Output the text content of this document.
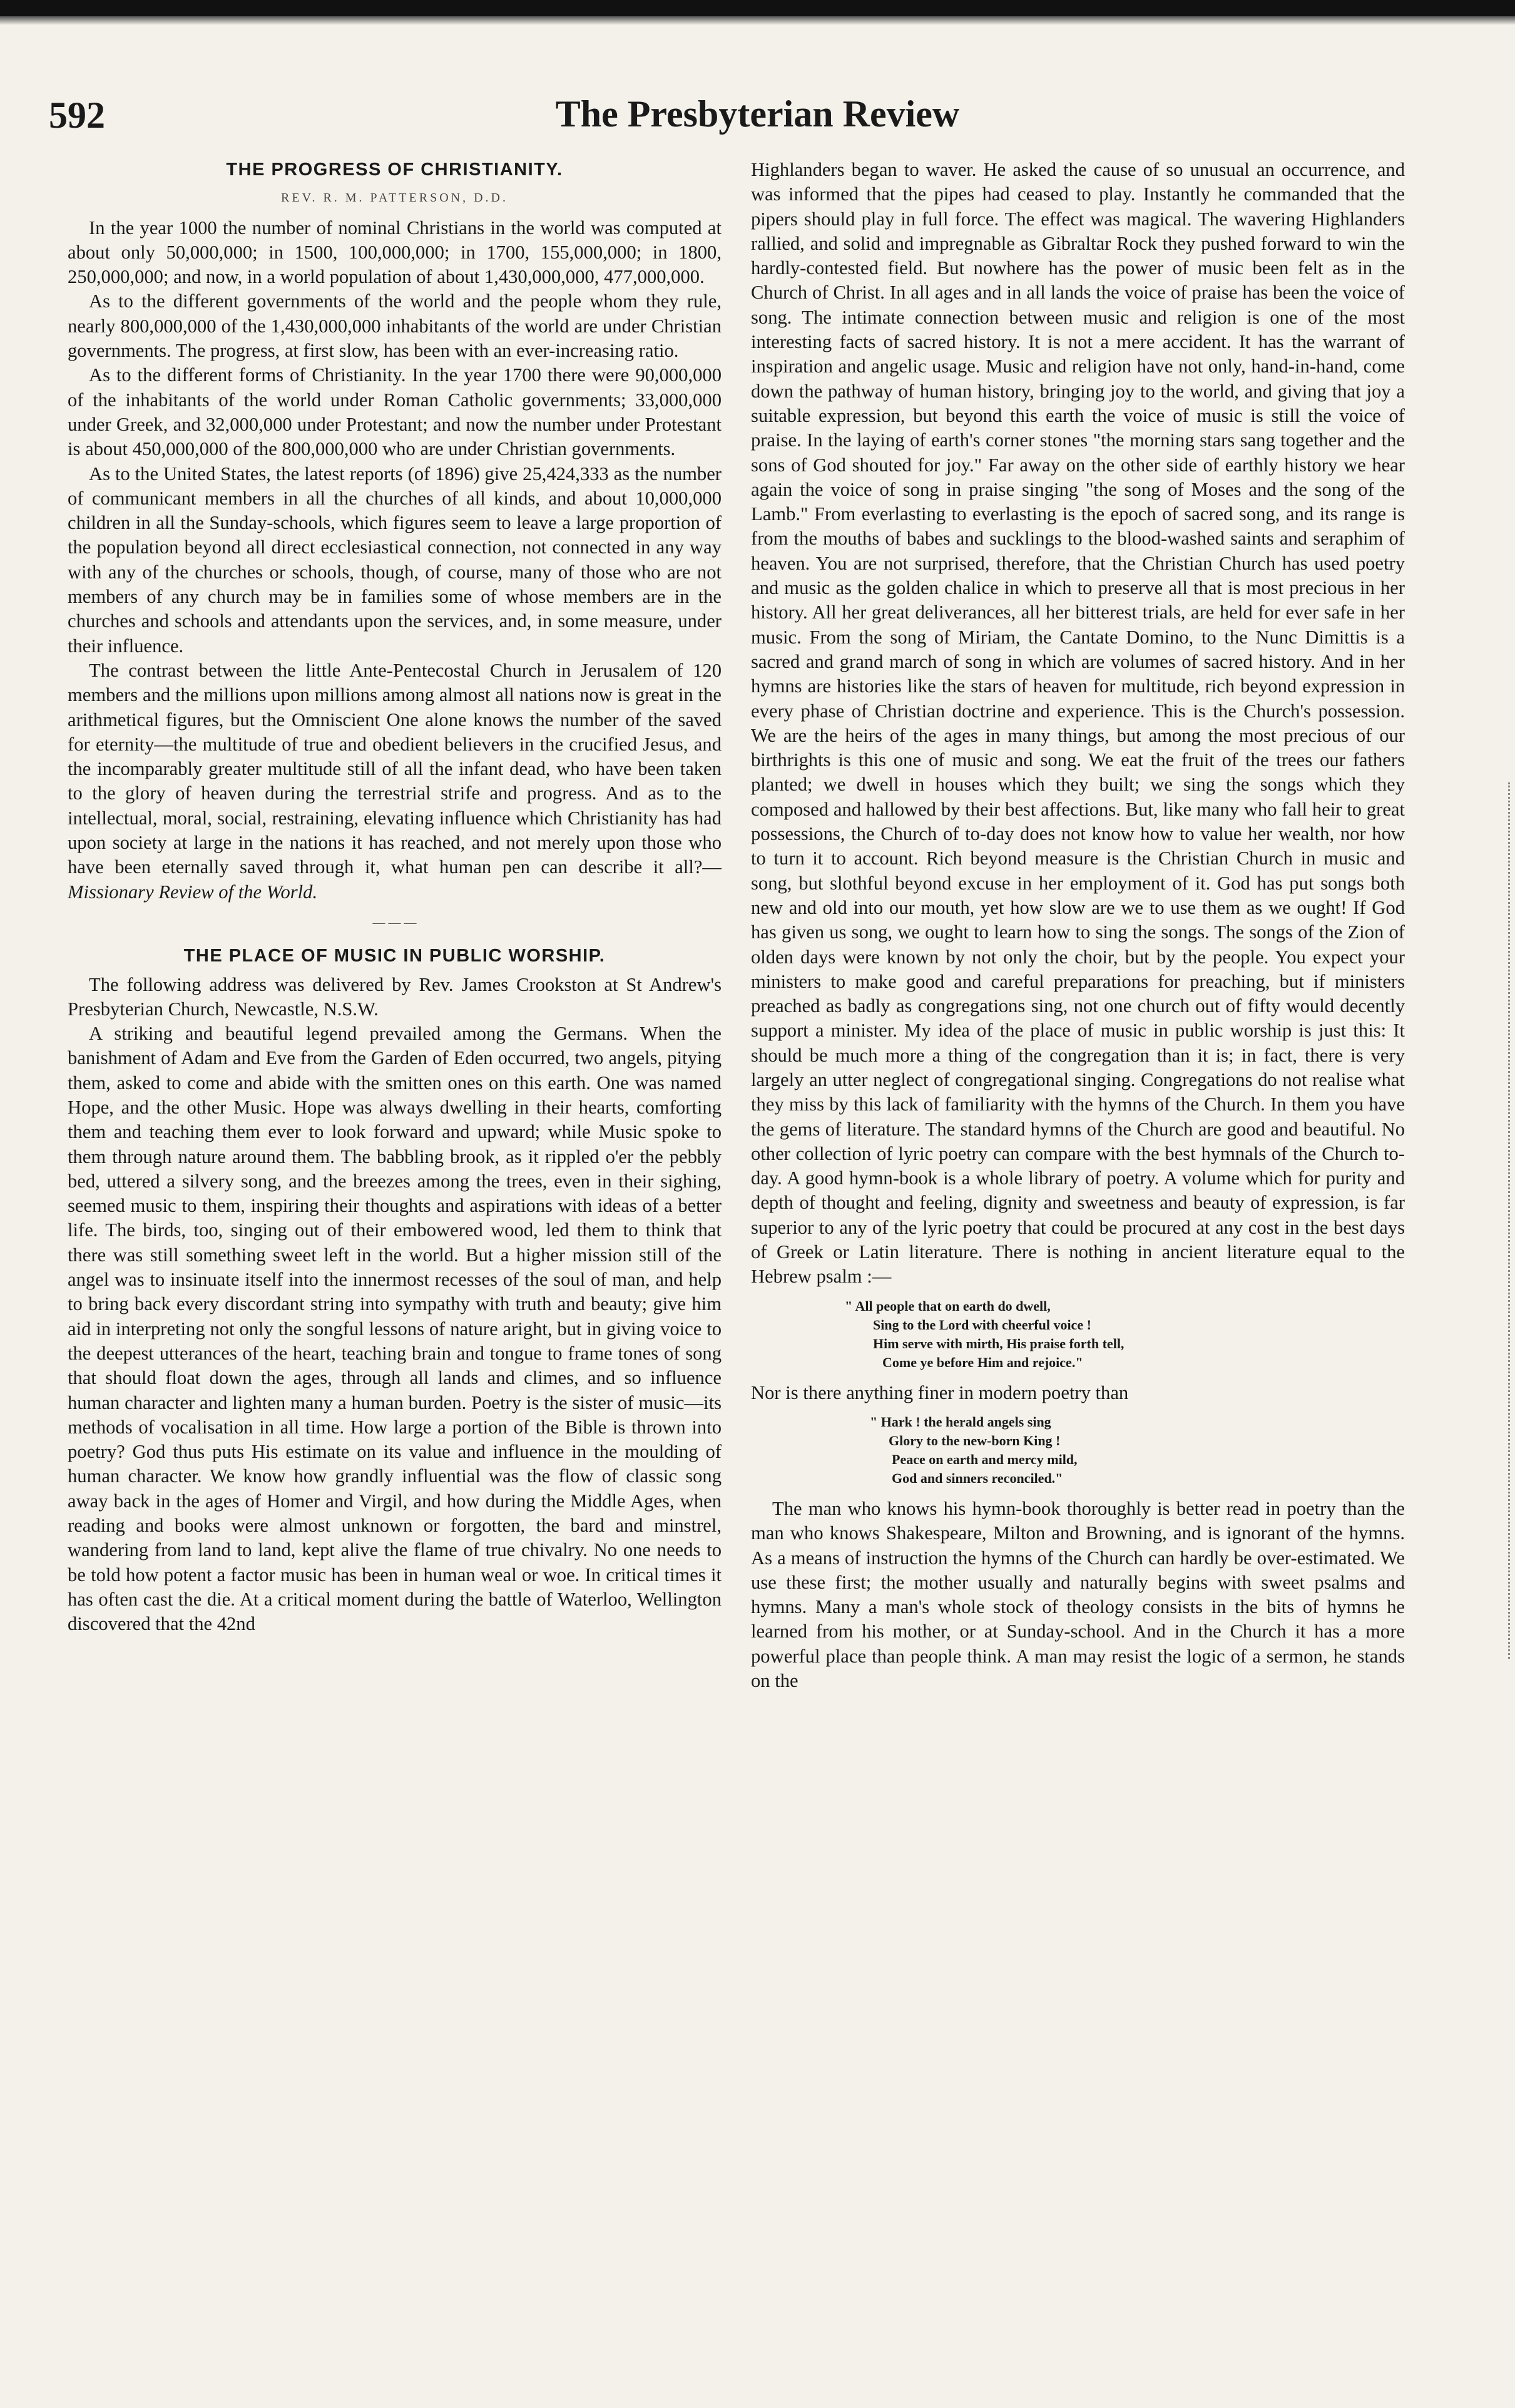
592	The Presbyterian Review
THE PROGRESS OF CHRISTIANITY.
REV. R. M. PATTERSON, D.D.

In the year 1000 the number of nominal Christians in the world was computed at about only 50,000,000; in 1500, 100,000,000; in 1700, 155,000,000; in 1800, 250,000,000; and now, in a world population of about 1,430,000,000, 477,000,000.

As to the different governments of the world and the people whom they rule, nearly 800,000,000 of the 1,430,000,000 inhabitants of the world are under Christian governments. The progress, at first slow, has been with an ever-increasing ratio.

As to the different forms of Christianity. In the year 1700 there were 90,000,000 of the inhabitants of the world under Roman Catholic governments; 33,000,000 under Greek, and 32,000,000 under Protestant; and now the number under Protestant is about 450,000,000 of the 800,000,000 who are under Christian governments.

As to the United States, the latest reports (of 1896) give 25,424,333 as the number of communicant members in all the churches of all kinds, and about 10,000,000 children in all the Sunday-schools, which figures seem to leave a large proportion of the population beyond all direct ecclesiastical connection, not connected in any way with any of the churches or schools, though, of course, many of those who are not members of any church may be in families some of whose members are in the churches and schools and attendants upon the services, and, in some measure, under their influence.

The contrast between the little Ante-Pentecostal Church in Jerusalem of 120 members and the millions upon millions among almost all nations now is great in the arithmetical figures, but the Omniscient One alone knows the number of the saved for eternity—the multitude of true and obedient believers in the crucified Jesus, and the incomparably greater multitude still of all the infant dead, who have been taken to the glory of heaven during the terrestrial strife and progress. And as to the intellectual, moral, social, restraining, elevating influence which Christianity has had upon society at large in the nations it has reached, and not merely upon those who have been eternally saved through it, what human pen can describe it all?—Missionary Review of the World.

— — —
THE PLACE OF MUSIC IN PUBLIC WORSHIP.

The following address was delivered by Rev. James Crookston at St Andrew's Presbyterian Church, Newcastle, N.S.W.

A striking and beautiful legend prevailed among the Germans. When the banishment of Adam and Eve from the Garden of Eden occurred, two angels, pitying them, asked to come and abide with the smitten ones on this earth. One was named Hope, and the other Music. Hope was always dwelling in their hearts, comforting them and teaching them ever to look forward and upward; while Music spoke to them through nature around them. The babbling brook, as it rippled o'er the pebbly bed, uttered a silvery song, and the breezes among the trees, even in their sighing, seemed music to them, inspiring their thoughts and aspirations with ideas of a better life. The birds, too, singing out of their embowered wood, led them to think that there was still something sweet left in the world. But a higher mission still of the angel was to insinuate itself into the innermost recesses of the soul of man, and help to bring back every discordant string into sympathy with truth and beauty; give him aid in interpreting not only the songful lessons of nature aright, but in giving voice to the deepest utterances of the heart, teaching brain and tongue to frame tones of song that should float down the ages, through all lands and climes, and so influence human character and lighten many a human burden. Poetry is the sister of music—its methods of vocalisation in all time. How large a portion of the Bible is thrown into poetry? God thus puts His estimate on its value and influence in the moulding of human character. We know how grandly influential was the flow of classic song away back in the ages of Homer and Virgil, and how during the Middle Ages, when reading and books were almost unknown or forgotten, the bard and minstrel, wandering from land to land, kept alive the flame of true chivalry. No one needs to be told how potent a factor music has been in human weal or woe. In critical times it has often cast the die. At a critical moment during the battle of Waterloo, Wellington discovered that the 42nd

Highlanders began to waver. He asked the cause of so unusual an occurrence, and was informed that the pipes had ceased to play. Instantly he commanded that the pipers should play in full force. The effect was magical. The wavering Highlanders rallied, and solid and impregnable as Gibraltar Rock they pushed forward to win the hardly-contested field. But nowhere has the power of music been felt as in the Church of Christ. In all ages and in all lands the voice of praise has been the voice of song. The intimate connection between music and religion is one of the most interesting facts of sacred history. It is not a mere accident. It has the warrant of inspiration and angelic usage. Music and religion have not only, hand-in-hand, come down the pathway of human history, bringing joy to the world, and giving that joy a suitable expression, but beyond this earth the voice of music is still the voice of praise. In the laying of earth's corner stones "the morning stars sang together and the sons of God shouted for joy." Far away on the other side of earthly history we hear again the voice of song in praise singing "the song of Moses and the song of the Lamb." From everlasting to everlasting is the epoch of sacred song, and its range is from the mouths of babes and sucklings to the blood-washed saints and seraphim of heaven. You are not surprised, therefore, that the Christian Church has used poetry and music as the golden chalice in which to preserve all that is most precious in her history. All her great deliverances, all her bitterest trials, are held for ever safe in her music. From the song of Miriam, the Cantate Domino, to the Nunc Dimittis is a sacred and grand march of song in which are volumes of sacred history. And in her hymns are histories like the stars of heaven for multitude, rich beyond expression in every phase of Christian doctrine and experience. This is the Church's possession. We are the heirs of the ages in many things, but among the most precious of our birthrights is this one of music and song. We eat the fruit of the trees our fathers planted; we dwell in houses which they built; we sing the songs which they composed and hallowed by their best affections. But, like many who fall heir to great possessions, the Church of to-day does not know how to value her wealth, nor how to turn it to account. Rich beyond measure is the Christian Church in music and song, but slothful beyond excuse in her employment of it. God has put songs both new and old into our mouth, yet how slow are we to use them as we ought! If God has given us song, we ought to learn how to sing the songs. The songs of the Zion of olden days were known by not only the choir, but by the people. You expect your ministers to make good and careful preparations for preaching, but if ministers preached as badly as congregations sing, not one church out of fifty would decently support a minister. My idea of the place of music in public worship is just this: It should be much more a thing of the congregation than it is; in fact, there is very largely an utter neglect of congregational singing. Congregations do not realise what they miss by this lack of familiarity with the hymns of the Church. In them you have the gems of literature. The standard hymns of the Church are good and beautiful. No other collection of lyric poetry can compare with the best hymnals of the Church to-day. A good hymn-book is a whole library of poetry. A volume which for purity and depth of thought and feeling, dignity and sweetness and beauty of expression, is far superior to any of the lyric poetry that could be procured at any cost in the best days of Greek or Latin literature. There is nothing in ancient literature equal to the Hebrew psalm :—

" All people that on earth do dwell,
Sing to the Lord with cheerful voice !
Him serve with mirth, His praise forth tell,
Come ye before Him and rejoice."

Nor is there anything finer in modern poetry than

" Hark ! the herald angels sing
Glory to the new-born King !
Peace on earth and mercy mild,
God and sinners reconciled."

The man who knows his hymn-book thoroughly is better read in poetry than the man who knows Shakespeare, Milton and Browning, and is ignorant of the hymns. As a means of instruction the hymns of the Church can hardly be over-estimated. We use these first; the mother usually and naturally begins with sweet psalms and hymns. Many a man's whole stock of theology consists in the bits of hymns he learned from his mother, or at Sunday-school. And in the Church it has a more powerful place than people think. A man may resist the logic of a sermon, he stands on the
